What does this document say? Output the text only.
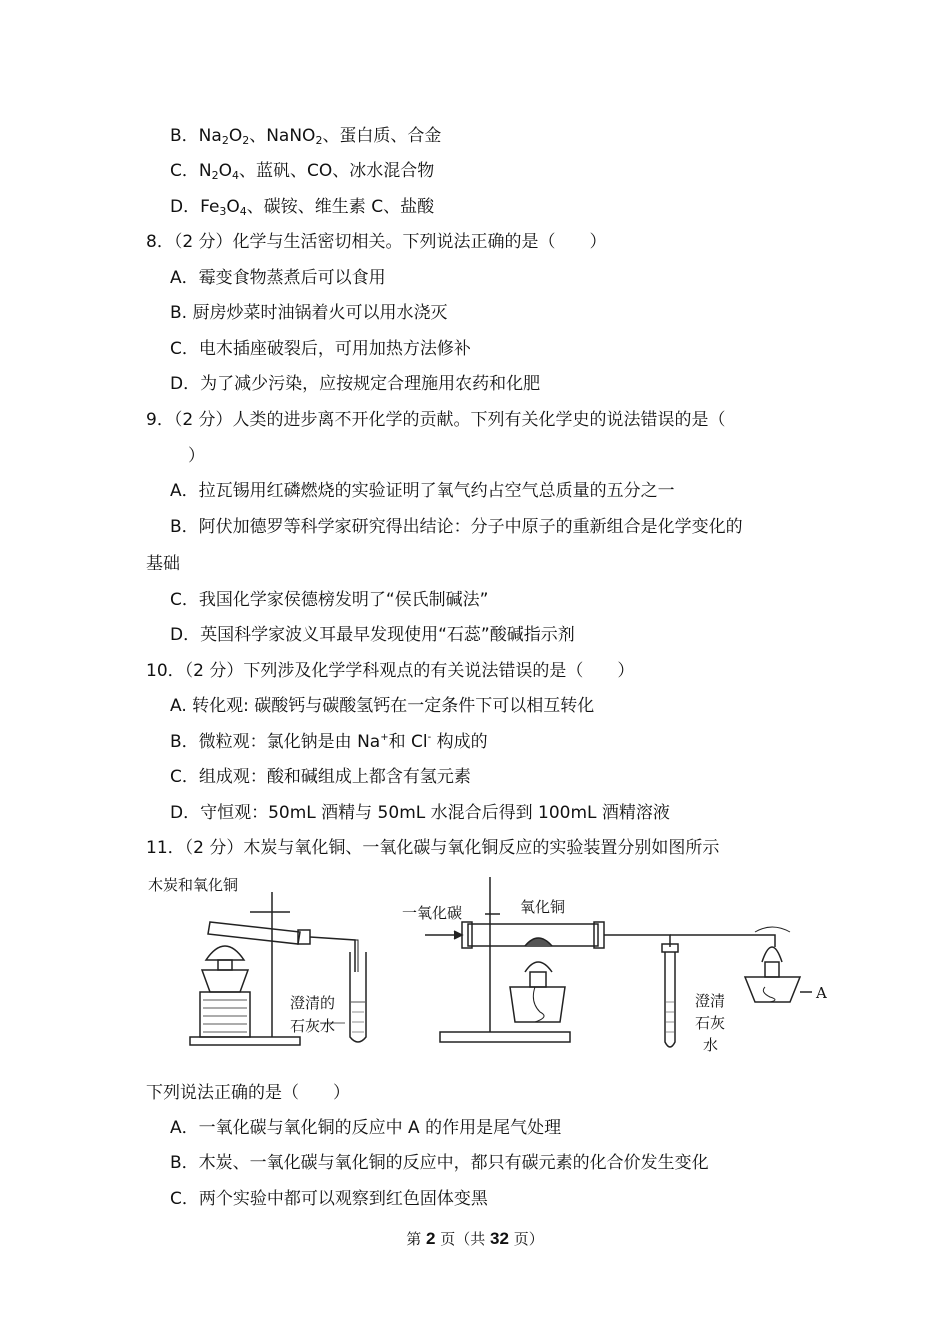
B．$Na_2O_2$、NaNO$_2$、蛋白质、合金
C．$N_2O_4$、蓝矾、CO、冰水混合物
D．$Fe_3O_4$、碳铵、维生素 C、盐酸
8．（2 分）化学与生活密切相关。下列说法正确的是（　　）
A．霉变食物蒸煮后可以食用
B. 厨房炒菜时油锅着火可以用水浇灭
C．电木插座破裂后，可用加热方法修补
D．为了减少污染，应按规定合理施用农药和化肥
9．（2 分）人类的进步离不开化学的贡献。下列有关化学史的说法错误的是（
）
A．拉瓦锡用红磷燃烧的实验证明了氧气约占空气总质量的五分之一
B．阿伏加德罗等科学家研究得出结论：分子中原子的重新组合是化学变化的
基础
C．我国化学家侯德榜发明了“侯氏制碱法”
D．英国科学家波义耳最早发现使用“石蕊”酸碱指示剂
10．（2 分）下列涉及化学学科观点的有关说法错误的是（　　）
A. 转化观: 碳酸钙与碳酸氢钙在一定条件下可以相互转化
B．微粒观：氯化钠是由 Na+和 Cl- 构成的
C．组成观：酸和碱组成上都含有氢元素
D．守恒观：50mL 酒精与 50mL 水混合后得到 100mL 酒精溶液
11．（2 分）木炭与氧化铜、一氧化碳与氧化铜反应的实验装置分别如图所示
木炭和氧化铜
澄清的
石灰水
一氧化碳	氧化铜
澄清
石灰
水
A
下列说法正确的是（　　）
A．一氧化碳与氧化铜的反应中 A 的作用是尾气处理
B．木炭、一氧化碳与氧化铜的反应中，都只有碳元素的化合价发生变化
C．两个实验中都可以观察到红色固体变黑
第 2 页（共 32 页）
